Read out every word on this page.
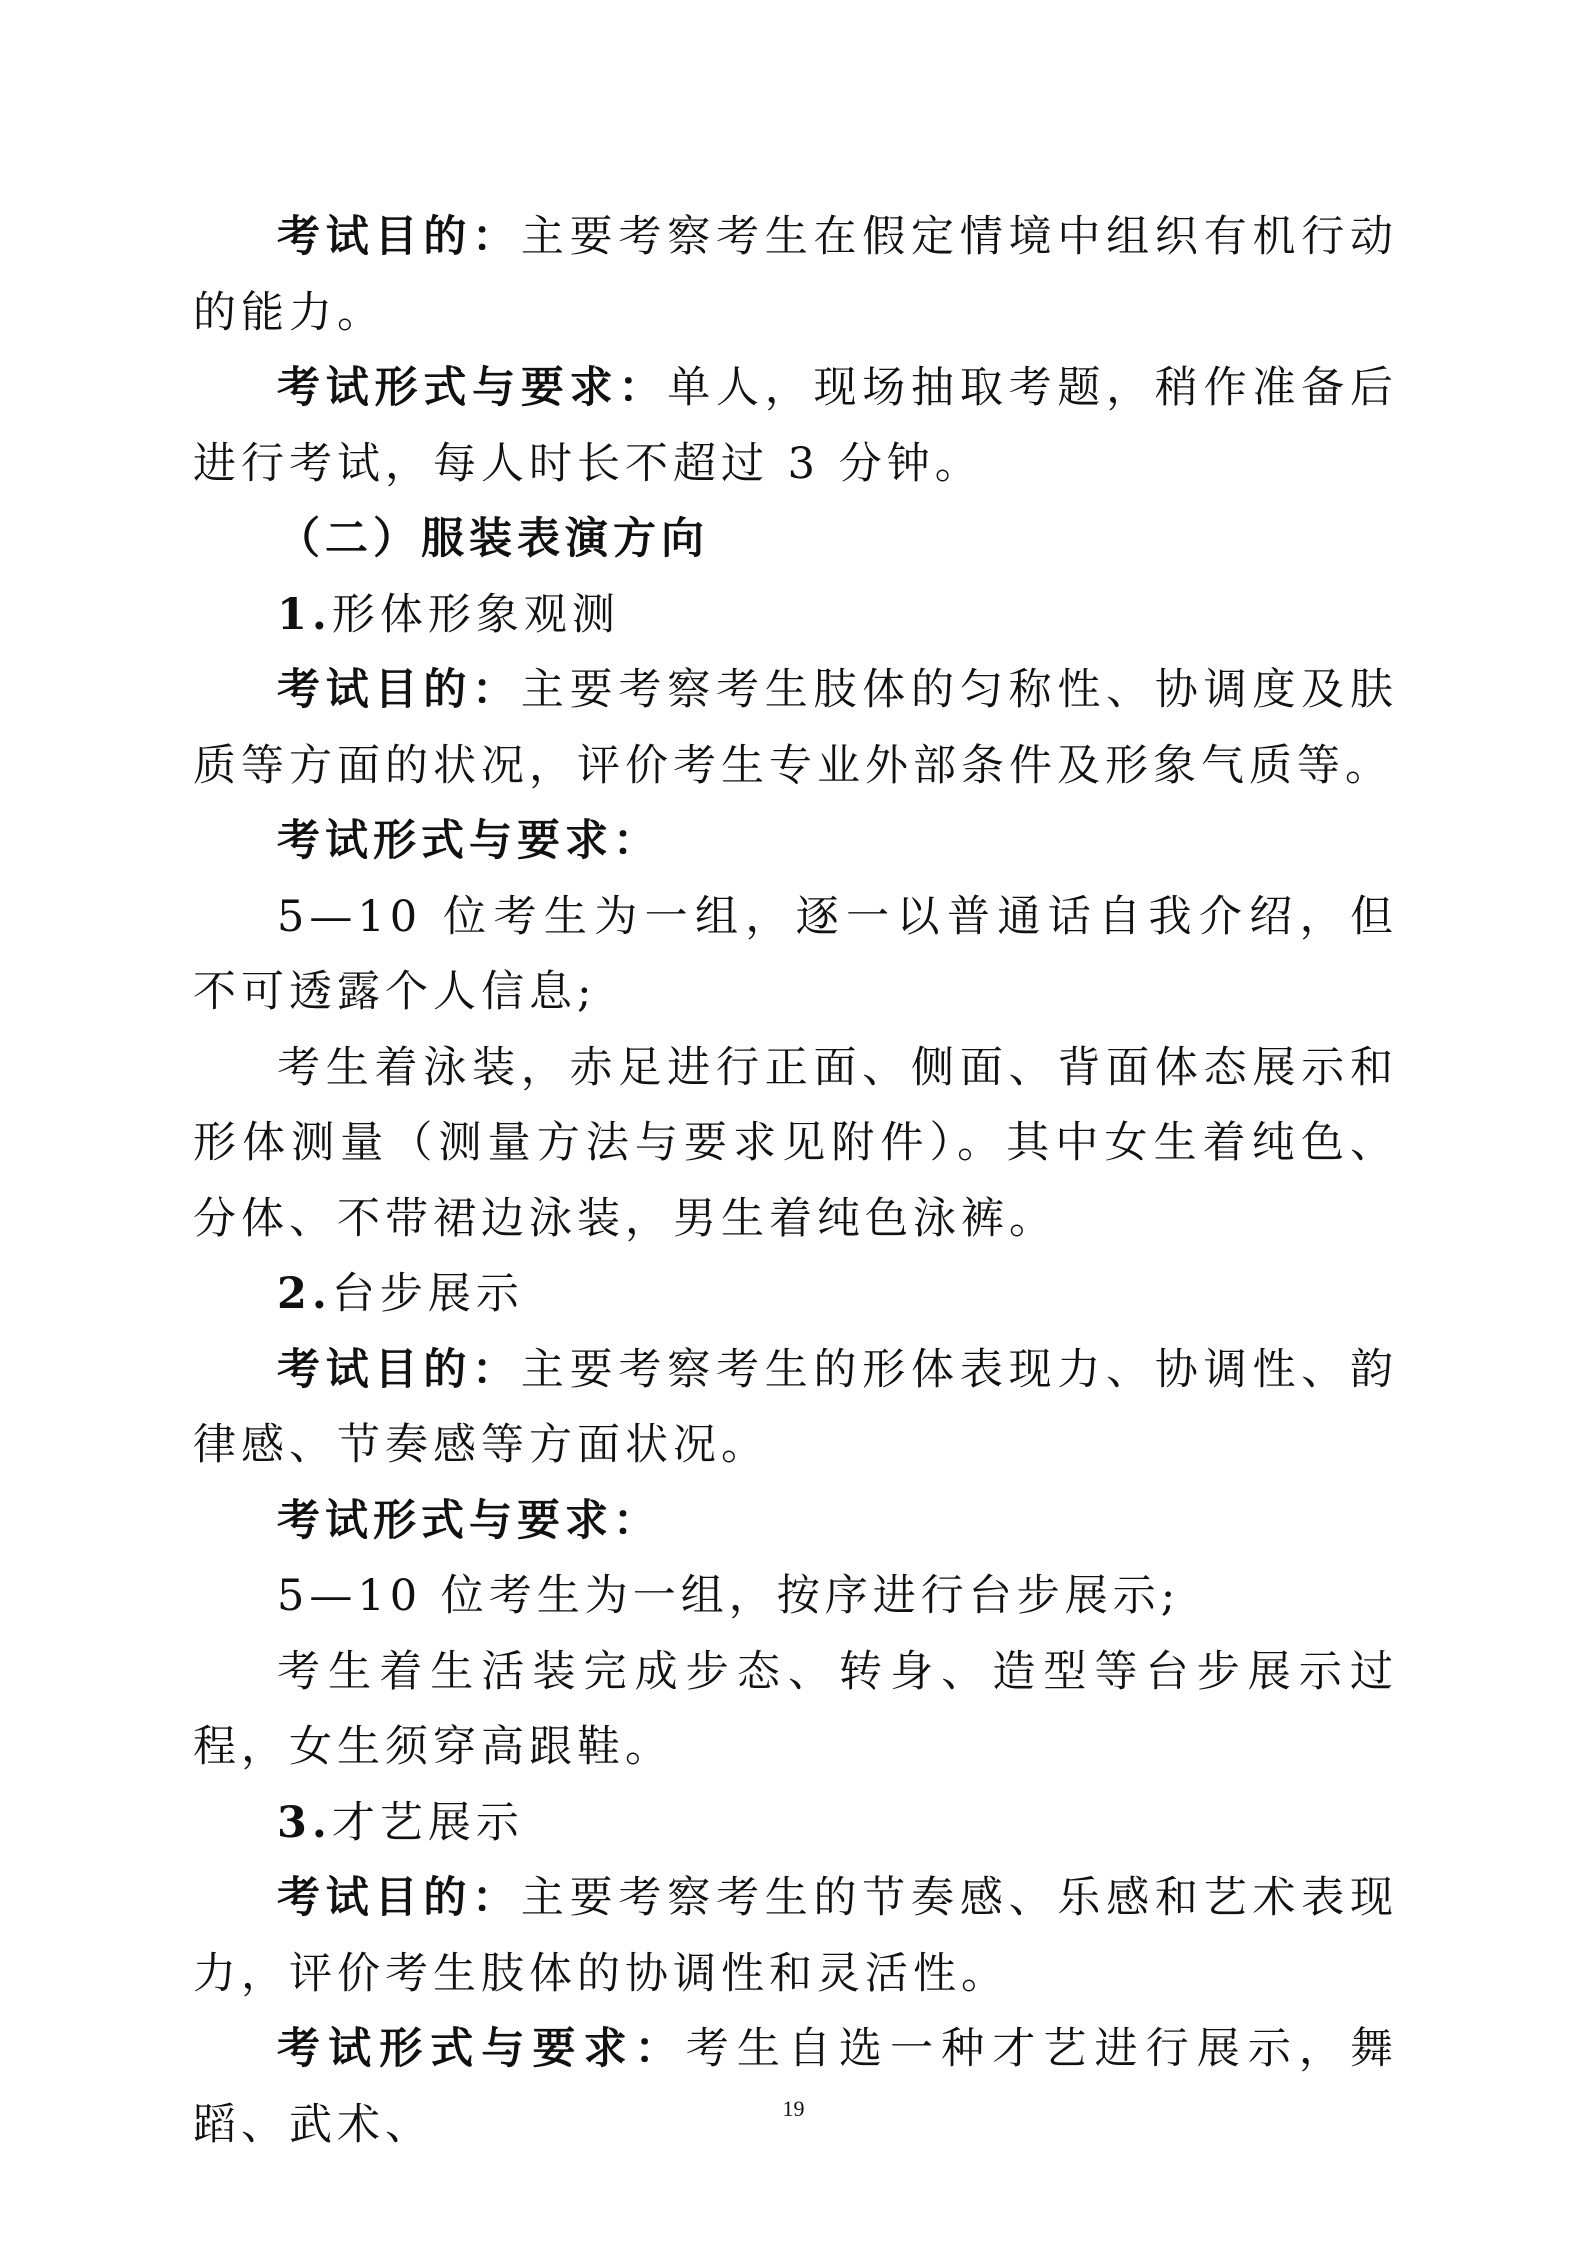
考试目的：主要考察考生在假定情境中组织有机行动的能力。

考试形式与要求：单人，现场抽取考题，稍作准备后进行考试，每人时长不超过 3 分钟。

（二）服装表演方向

1.形体形象观测

考试目的：主要考察考生肢体的匀称性、协调度及肤质等方面的状况，评价考生专业外部条件及形象气质等。

考试形式与要求：

5—10 位考生为一组，逐一以普通话自我介绍，但不可透露个人信息;

考生着泳装，赤足进行正面、侧面、背面体态展示和形体测量（测量方法与要求见附件）。其中女生着纯色、分体、不带裙边泳装，男生着纯色泳裤。

2.台步展示

考试目的：主要考察考生的形体表现力、协调性、韵律感、节奏感等方面状况。

考试形式与要求：

5—10 位考生为一组，按序进行台步展示;

考生着生活装完成步态、转身、造型等台步展示过程，女生须穿高跟鞋。

3.才艺展示

考试目的：主要考察考生的节奏感、乐感和艺术表现力，评价考生肢体的协调性和灵活性。

考试形式与要求：考生自选一种才艺进行展示，舞蹈、武术、	19
